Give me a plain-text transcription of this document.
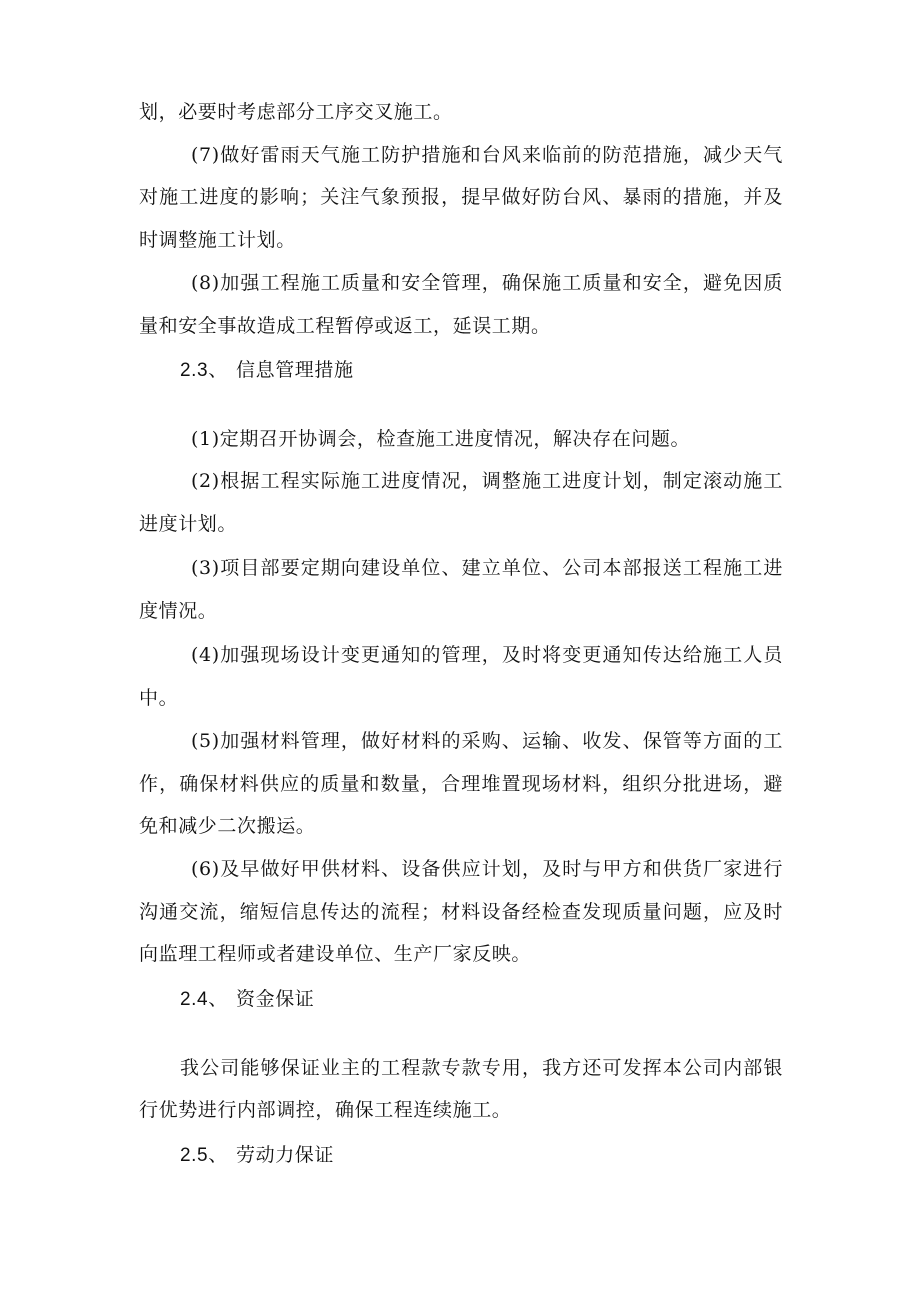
划，必要时考虑部分工序交叉施工。
(7)做好雷雨天气施工防护措施和台风来临前的防范措施，减少天气
对施工进度的影响；关注气象预报，提早做好防台风、暴雨的措施，并及
时调整施工计划。
(8)加强工程施工质量和安全管理，确保施工质量和安全，避免因质
量和安全事故造成工程暂停或返工，延误工期。
2.3、 信息管理措施
(1)定期召开协调会，检查施工进度情况，解决存在问题。
(2)根据工程实际施工进度情况，调整施工进度计划，制定滚动施工
进度计划。
(3)项目部要定期向建设单位、建立单位、公司本部报送工程施工进
度情况。
(4)加强现场设计变更通知的管理，及时将变更通知传达给施工人员
中。
(5)加强材料管理，做好材料的采购、运输、收发、保管等方面的工
作，确保材料供应的质量和数量，合理堆置现场材料，组织分批进场，避
免和减少二次搬运。
(6)及早做好甲供材料、设备供应计划，及时与甲方和供货厂家进行
沟通交流，缩短信息传达的流程；材料设备经检查发现质量问题，应及时
向监理工程师或者建设单位、生产厂家反映。
2.4、 资金保证
我公司能够保证业主的工程款专款专用，我方还可发挥本公司内部银
行优势进行内部调控，确保工程连续施工。
2.5、 劳动力保证
